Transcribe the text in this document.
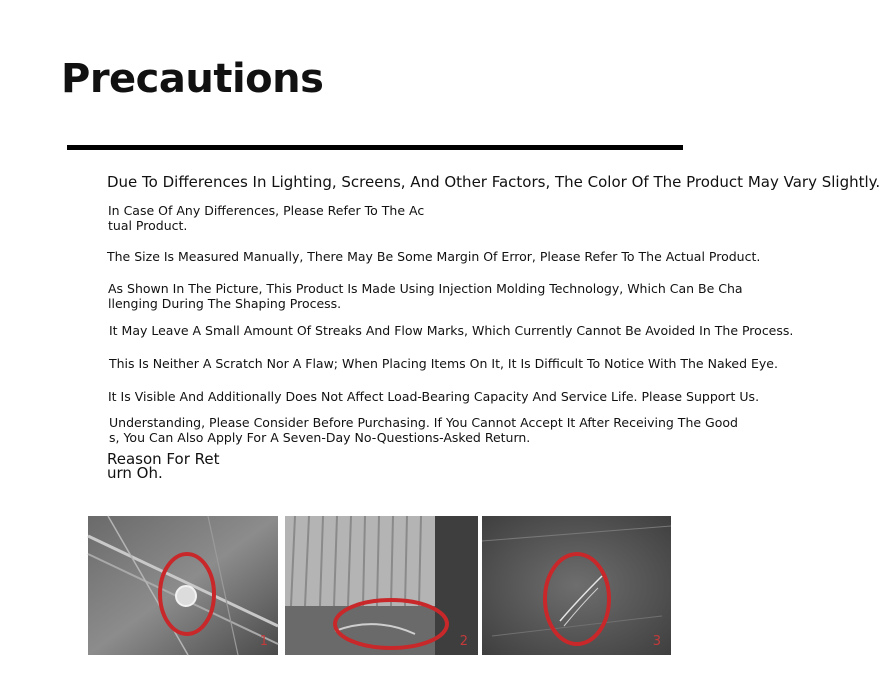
Precautions
Due To Differences In Lighting, Screens, And Other Factors, The Color Of The Product May Vary Slightly.
In Case Of Any Differences, Please Refer To The Ac
tual Product.
The Size Is Measured Manually, There May Be Some Margin Of Error, Please Refer To The Actual Product.
As Shown In The Picture, This Product Is Made Using Injection Molding Technology, Which Can Be Cha
llenging During The Shaping Process.
It May Leave A Small Amount Of Streaks And Flow Marks, Which Currently Cannot Be Avoided In The Process.
This Is Neither A Scratch Nor A Flaw; When Placing Items On It, It Is Difficult To Notice With The Naked Eye.
It Is Visible And Additionally Does Not Affect Load-Bearing Capacity And Service Life. Please Support Us.
Understanding, Please Consider Before Purchasing. If You Cannot Accept It After Receiving The Good
s, You Can Also Apply For A Seven-Day No-Questions-Asked Return.
Reason For Ret
urn Oh.

1	2	3
